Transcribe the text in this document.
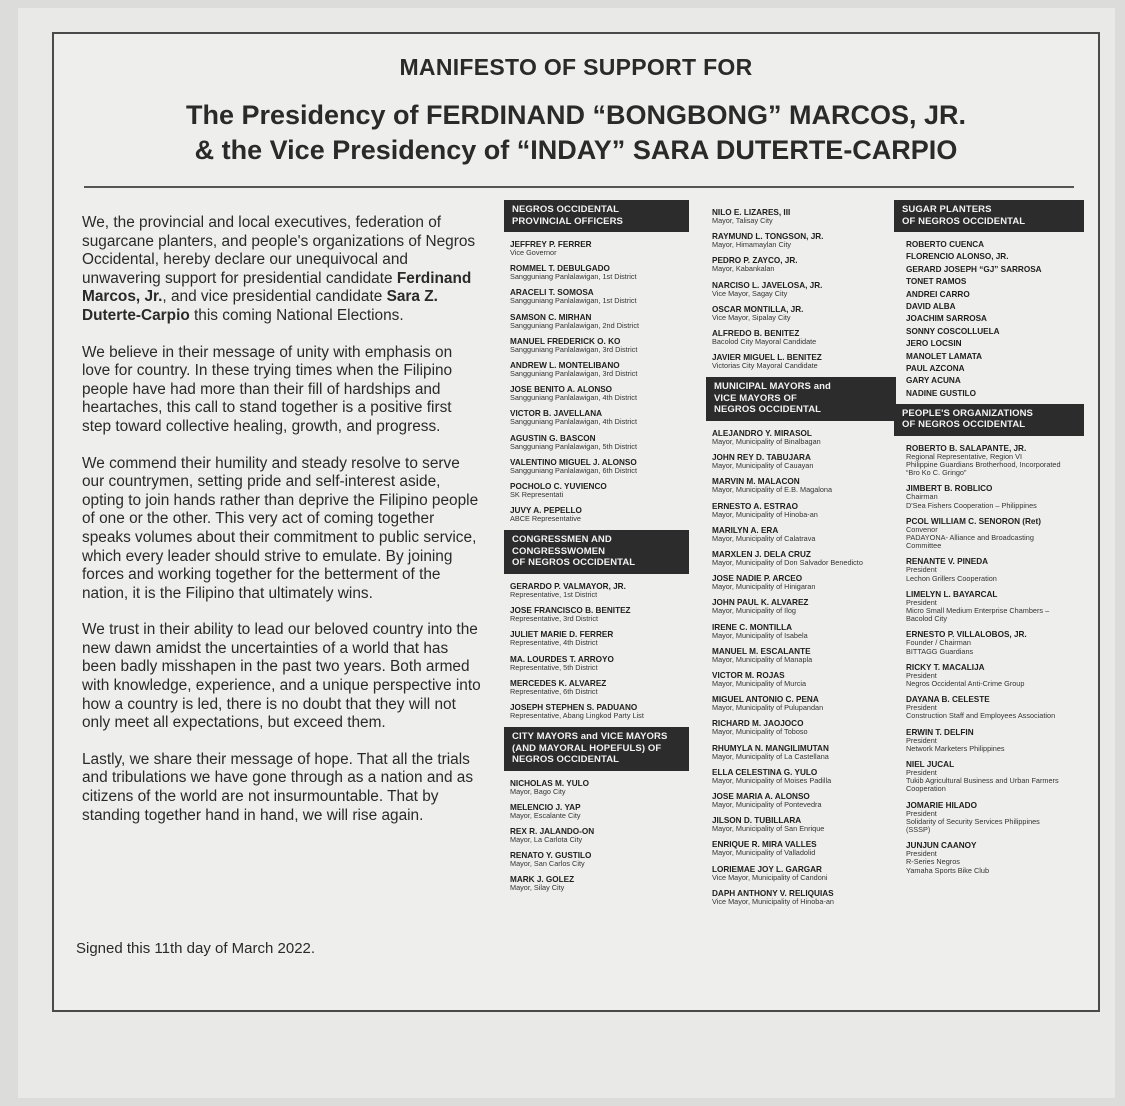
MANIFESTO OF SUPPORT FOR
The Presidency of FERDINAND “BONGBONG” MARCOS, JR.
& the Vice Presidency of “INDAY” SARA DUTERTE-CARPIO

We, the provincial and local executives, federation of sugarcane planters, and people's organizations of Negros Occidental, hereby declare our unequivocal and unwavering support for presidential candidate Ferdinand Marcos, Jr., and vice presidential candidate Sara Z. Duterte-Carpio this coming National Elections.

We believe in their message of unity with emphasis on love for country. In these trying times when the Filipino people have had more than their fill of hardships and heartaches, this call to stand together is a positive first step toward collective healing, growth, and progress.

We commend their humility and steady resolve to serve our countrymen, setting pride and self-interest aside, opting to join hands rather than deprive the Filipino people of one or the other. This very act of coming together speaks volumes about their commitment to public service, which every leader should strive to emulate. By joining forces and working together for the betterment of the nation, it is the Filipino that ultimately wins.

We trust in their ability to lead our beloved country into the new dawn amidst the uncertainties of a world that has been badly misshapen in the past two years. Both armed with knowledge, experience, and a unique perspective into how a country is led, there is no doubt that they will not only meet all expectations, but exceed them.

Lastly, we share their message of hope. That all the trials and tribulations we have gone through as a nation and as citizens of the world are not insurmountable. That by standing together hand in hand, we will rise again.

Signed this 11th day of March 2022.
NEGROS OCCIDENTAL
PROVINCIAL OFFICERS
JEFFREY P. FERRER
Vice Governor
ROMMEL T. DEBULGADO
Sangguniang Panlalawigan, 1st District
ARACELI T. SOMOSA
Sangguniang Panlalawigan, 1st District
SAMSON C. MIRHAN
Sangguniang Panlalawigan, 2nd District
MANUEL FREDERICK O. KO
Sangguniang Panlalawigan, 3rd District
ANDREW L. MONTELIBANO
Sangguniang Panlalawigan, 3rd District
JOSE BENITO A. ALONSO
Sangguniang Panlalawigan, 4th District
VICTOR B. JAVELLANA
Sangguniang Panlalawigan, 4th District
AGUSTIN G. BASCON
Sangguniang Panlalawigan, 5th District
VALENTINO MIGUEL J. ALONSO
Sangguniang Panlalawigan, 6th District
POCHOLO C. YUVIENCO
SK Representati
JUVY A. PEPELLO
ABCE Representative
CONGRESSMEN AND
CONGRESSWOMEN
OF NEGROS OCCIDENTAL
GERARDO P. VALMAYOR, JR.
Representative, 1st District
JOSE FRANCISCO B. BENITEZ
Representative, 3rd District
JULIET MARIE D. FERRER
Representative, 4th District
MA. LOURDES T. ARROYO
Representative, 5th District
MERCEDES K. ALVAREZ
Representative, 6th District
JOSEPH STEPHEN S. PADUANO
Representative, Abang Lingkod Party List
CITY MAYORS and VICE MAYORS
(AND MAYORAL HOPEFULS) OF
NEGROS OCCIDENTAL
NICHOLAS M. YULO
Mayor, Bago City
MELENCIO J. YAP
Mayor, Escalante City
REX R. JALANDO-ON
Mayor, La Carlota City
RENATO Y. GUSTILO
Mayor, San Carlos City
MARK J. GOLEZ
Mayor, Silay City
NILO E. LIZARES, III
Mayor, Talisay City
RAYMUND L. TONGSON, JR.
Mayor, Himamaylan City
PEDRO P. ZAYCO, JR.
Mayor, Kabankalan
NARCISO L. JAVELOSA, JR.
Vice Mayor, Sagay City
OSCAR MONTILLA, JR.
Vice Mayor, Sipalay City
ALFREDO B. BENITEZ
Bacolod City Mayoral Candidate
JAVIER MIGUEL L. BENITEZ
Victorias City Mayoral Candidate
MUNICIPAL MAYORS and
VICE MAYORS OF
NEGROS OCCIDENTAL
ALEJANDRO Y. MIRASOL
Mayor, Municipality of Binalbagan
JOHN REY D. TABUJARA
Mayor, Municipality of Cauayan
MARVIN M. MALACON
Mayor, Municipality of E.B. Magalona
ERNESTO A. ESTRAO
Mayor, Municipality of Hinoba-an
MARILYN A. ERA
Mayor, Municipality of Calatrava
MARXLEN J. DELA CRUZ
Mayor, Municipality of Don Salvador Benedicto
JOSE NADIE P. ARCEO
Mayor, Municipality of Hinigaran
JOHN PAUL K. ALVAREZ
Mayor, Municipality of Ilog
IRENE C. MONTILLA
Mayor, Municipality of Isabela
MANUEL M. ESCALANTE
Mayor, Municipality of Manapla
VICTOR M. ROJAS
Mayor, Municipality of Murcia
MIGUEL ANTONIO C. PENA
Mayor, Municipality of Pulupandan
RICHARD M. JAOJOCO
Mayor, Municipality of Toboso
RHUMYLA N. MANGILIMUTAN
Mayor, Municipality of La Castellana
ELLA CELESTINA G. YULO
Mayor, Municipality of Moises Padilla
JOSE MARIA A. ALONSO
Mayor, Municipality of Pontevedra
JILSON D. TUBILLARA
Mayor, Municipality of San Enrique
ENRIQUE R. MIRA VALLES
Mayor, Municipality of Valladolid
LORIEMAE JOY L. GARGAR
Vice Mayor, Municipality of Candoni
DAPH ANTHONY V. RELIQUIAS
Vice Mayor, Municipality of Hinoba-an
SUGAR PLANTERS
OF NEGROS OCCIDENTAL
ROBERTO CUENCA
FLORENCIO ALONSO, JR.
GERARD JOSEPH “GJ” SARROSA
TONET RAMOS
ANDREI CARRO
DAVID ALBA
JOACHIM SARROSA
SONNY COSCOLLUELA
JERO LOCSIN
MANOLET LAMATA
PAUL AZCONA
GARY ACUNA
NADINE GUSTILO
PEOPLE'S ORGANIZATIONS
OF NEGROS OCCIDENTAL
ROBERTO B. SALAPANTE, JR.
Regional Representative, Region VI
Philippine Guardians Brotherhood, Incorporated
“Bro Ko C. Gringo”
JIMBERT B. ROBLICO
Chairman
D'Sea Fishers Cooperation – Philippines
PCOL WILLIAM C. SENORON (Ret)
Convenor
PADAYONA- Alliance and Broadcasting
Committee
RENANTE V. PINEDA
President
Lechon Grillers Cooperation
LIMELYN L. BAYARCAL
President
Micro Small Medium Enterprise Chambers –
Bacolod City
ERNESTO P. VILLALOBOS, JR.
Founder / Chairman
BITTAGG Guardians
RICKY T. MACALIJA
President
Negros Occidental Anti-Crime Group
DAYANA B. CELESTE
President
Construction Staff and Employees Association
ERWIN T. DELFIN
President
Network Marketers Philippines
NIEL JUCAL
President
Tukib Agricultural Business and Urban Farmers
Cooperation
JOMARIE HILADO
President
Solidarity of Security Services Philippines
(SSSP)
JUNJUN CAANOY
President
R-Series Negros
Yamaha Sports Bike Club
